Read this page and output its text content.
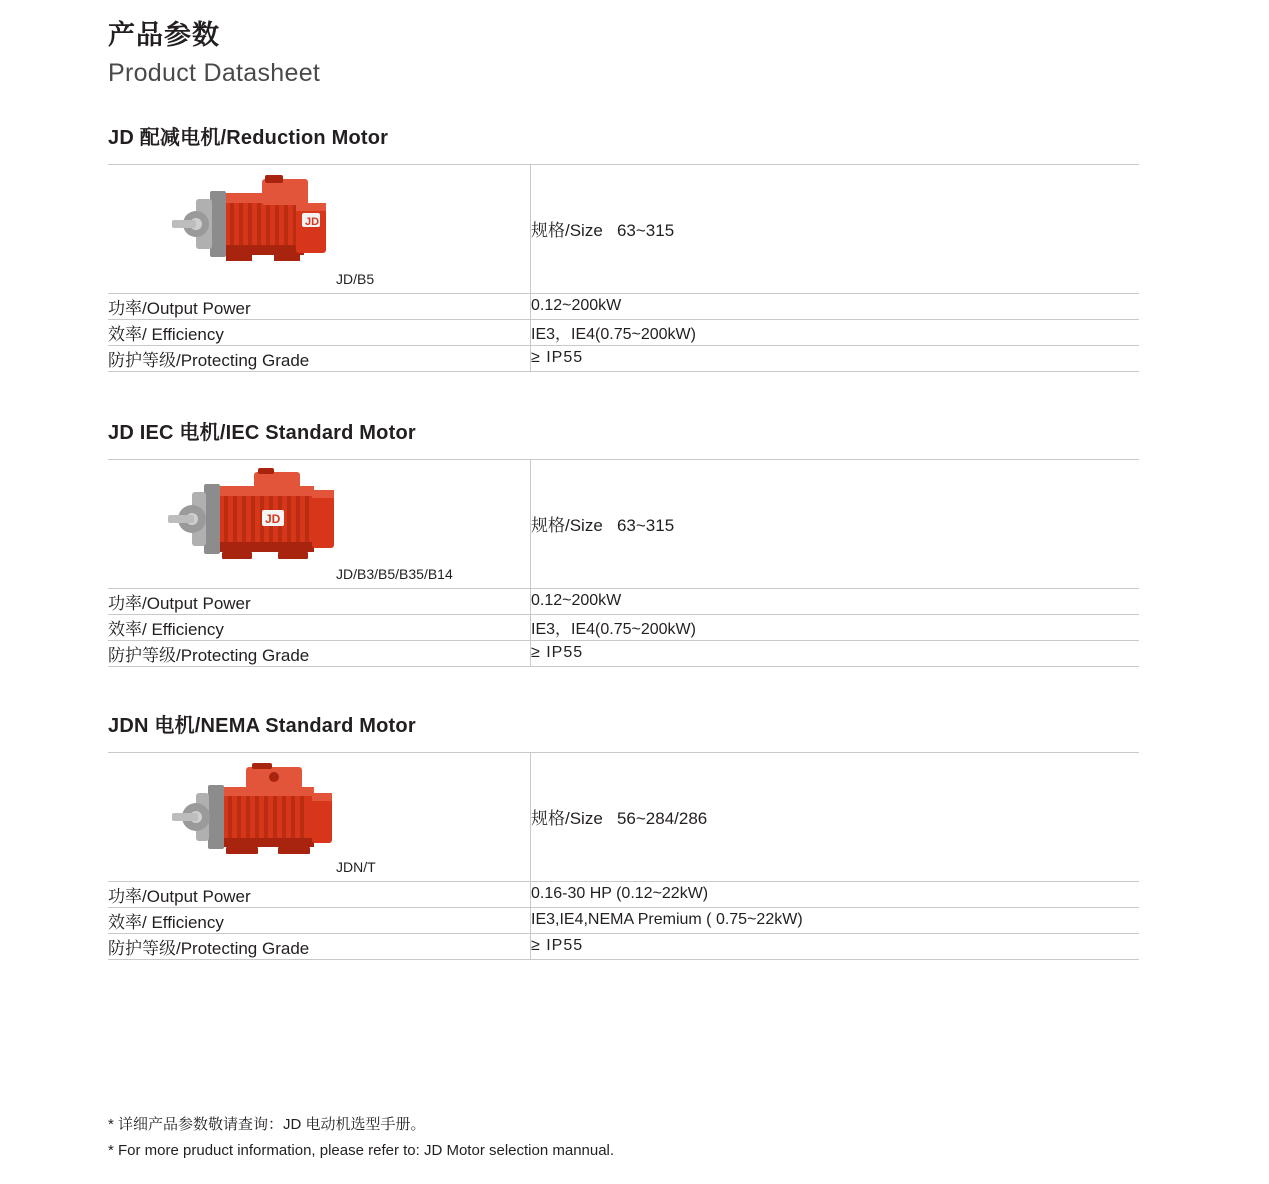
产品参数
Product Datasheet
JD 配减电机/Reduction Motor
JD
JD/B5	规格/Size 63~315
功率/Output Power	0.12~200kW
效率/ Efficiency	IE3，IE4(0.75~200kW)
防护等级/Protecting Grade	≥ IP55
JD IEC 电机/IEC Standard Motor
JD
JD/B3/B5/B35/B14	规格/Size 63~315
功率/Output Power	0.12~200kW
效率/ Efficiency	IE3，IE4(0.75~200kW)
防护等级/Protecting Grade	≥ IP55
JDN 电机/NEMA Standard Motor
JDN/T	规格/Size 56~284/286
功率/Output Power	0.16-30 HP (0.12~22kW)
效率/ Efficiency	IE3,IE4,NEMA Premium ( 0.75~22kW)
防护等级/Protecting Grade	≥ IP55
* 详细产品参数敬请查询：JD 电动机选型手册。
* For more pruduct information, please refer to: JD Motor selection mannual.
